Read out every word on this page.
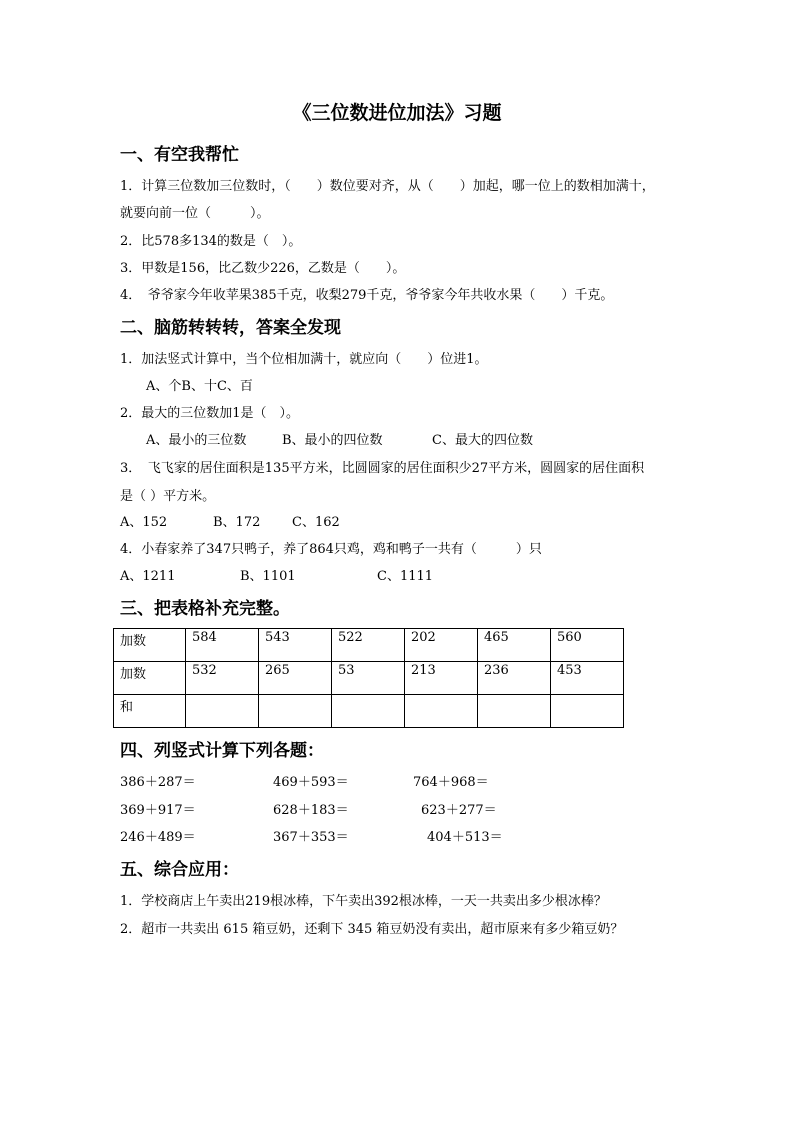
《三位数进位加法》习题
一、有空我帮忙
1．计算三位数加三位数时，（　　）数位要对齐，从（　　）加起，哪一位上的数相加满十，
就要向前一位（　　　）。
2．比578多134的数是（　）。
3．甲数是156，比乙数少226，乙数是（　　）。
4．　爷爷家今年收苹果385千克，收梨279千克，爷爷家今年共收水果（　　）千克。
二、脑筋转转转，答案全发现
1．加法竖式计算中，当个位相加满十，就应向（　　）位进1。
A、个B、十C、百
2．最大的三位数加1是（　）。
A、最小的三位数	B、最小的四位数	C、最大的四位数
3．　飞飞家的居住面积是135平方米，比圆圆家的居住面积少27平方米，圆圆家的居住面积
是（ ）平方米。
A、152	B、172 C、162
4．小春家养了347只鸭子，养了864只鸡，鸡和鸭子一共有（　　　）只
A、1211	B、1101	C、1111
三、把表格补充完整。
加数	584	543	522	202	465	560
加数	532	265	53	213	236	453
和						
四、列竖式计算下列各题：
386＋287＝	469＋593＝	764＋968＝
369＋917＝	628＋183＝	623＋277＝
246＋489＝	367＋353＝	404＋513＝
五、综合应用：
1．学校商店上午卖出219根冰棒，下午卖出392根冰棒，一天一共卖出多少根冰棒？
2．超市一共卖出 615 箱豆奶，还剩下 345 箱豆奶没有卖出，超市原来有多少箱豆奶？
